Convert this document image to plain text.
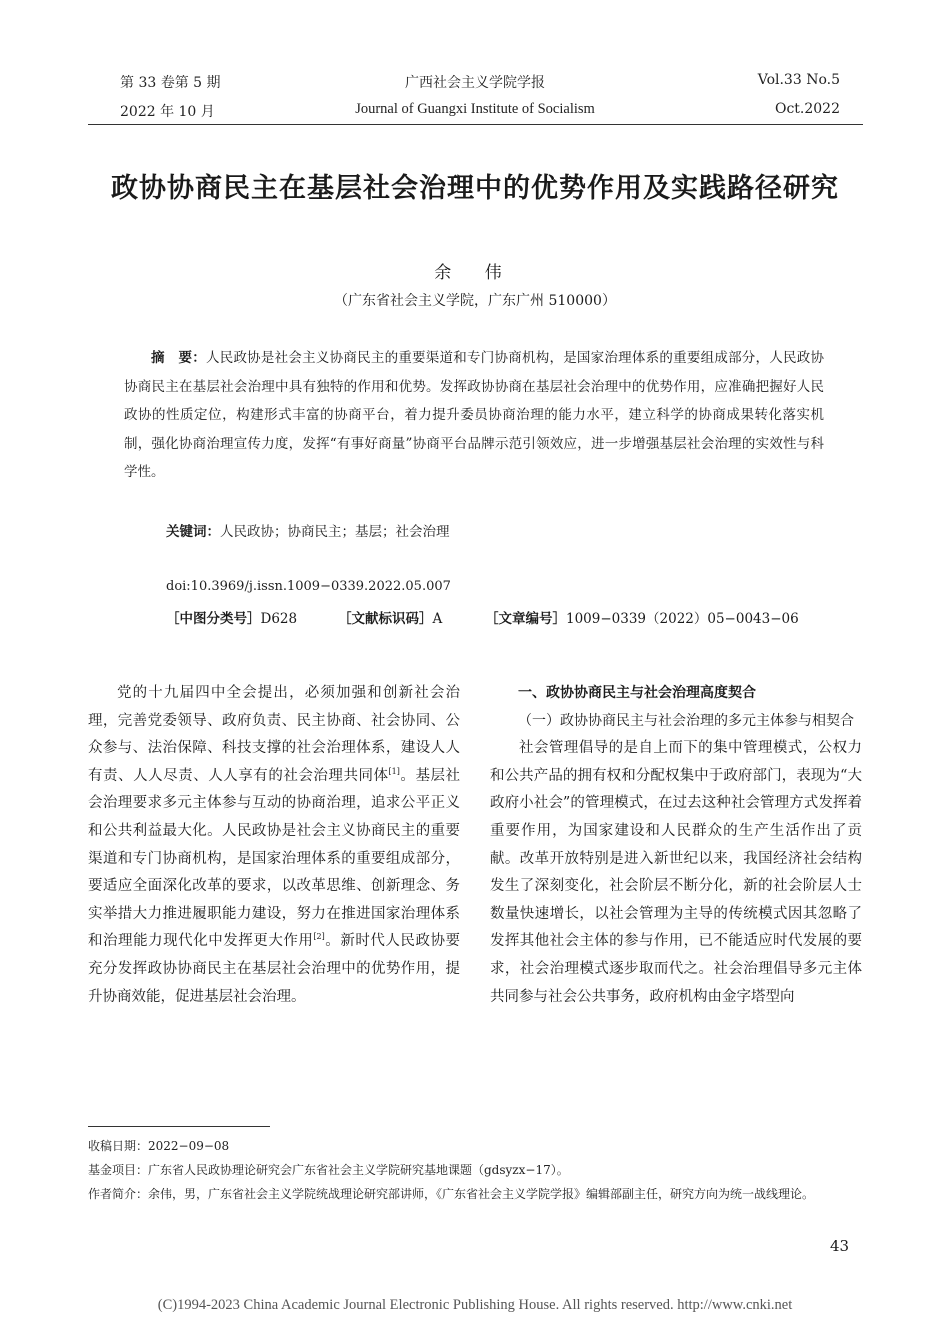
第 33 卷第 5 期	广西社会主义学院学报	Vol.33 No.5
2022 年 10 月	Journal of Guangxi Institute of Socialism	Oct.2022
政协协商民主在基层社会治理中的优势作用及实践路径研究
余 伟
（广东省社会主义学院，广东广州 510000）
摘　要：人民政协是社会主义协商民主的重要渠道和专门协商机构，是国家治理体系的重要组成部分，人民政协协商民主在基层社会治理中具有独特的作用和优势。发挥政协协商在基层社会治理中的优势作用，应准确把握好人民政协的性质定位，构建形式丰富的协商平台，着力提升委员协商治理的能力水平，建立科学的协商成果转化落实机制，强化协商治理宣传力度，发挥“有事好商量”协商平台品牌示范引领效应，进一步增强基层社会治理的实效性与科学性。
关键词：人民政协；协商民主；基层；社会治理
doi:10.3969/j.issn.1009−0339.2022.05.007
［中图分类号］D628	［文献标识码］A	［文章编号］1009−0339（2022）05−0043−06

党的十九届四中全会提出，必须加强和创新社会治理，完善党委领导、政府负责、民主协商、社会协同、公众参与、法治保障、科技支撑的社会治理体系，建设人人有责、人人尽责、人人享有的社会治理共同体[1]。基层社会治理要求多元主体参与互动的协商治理，追求公平正义和公共利益最大化。人民政协是社会主义协商民主的重要渠道和专门协商机构，是国家治理体系的重要组成部分，要适应全面深化改革的要求，以改革思维、创新理念、务实举措大力推进履职能力建设，努力在推进国家治理体系和治理能力现代化中发挥更大作用[2]。新时代人民政协要充分发挥政协协商民主在基层社会治理中的优势作用，提升协商效能，促进基层社会治理。

一、政协协商民主与社会治理高度契合
（一）政协协商民主与社会治理的多元主体参与相契合

社会管理倡导的是自上而下的集中管理模式，公权力和公共产品的拥有权和分配权集中于政府部门，表现为“大政府小社会”的管理模式，在过去这种社会管理方式发挥着重要作用，为国家建设和人民群众的生产生活作出了贡献。改革开放特别是进入新世纪以来，我国经济社会结构发生了深刻变化，社会阶层不断分化，新的社会阶层人士数量快速增长，以社会管理为主导的传统模式因其忽略了发挥其他社会主体的参与作用，已不能适应时代发展的要求，社会治理模式逐步取而代之。社会治理倡导多元主体共同参与社会公共事务，政府机构由金字塔型向

收稿日期：2022−09−08
基金项目：广东省人民政协理论研究会广东省社会主义学院研究基地课题（gdsyzx−17）。
作者简介：余伟，男，广东省社会主义学院统战理论研究部讲师，《广东省社会主义学院学报》编辑部副主任，研究方向为统一战线理论。
43
(C)1994-2023 China Academic Journal Electronic Publishing House. All rights reserved. http://www.cnki.net
